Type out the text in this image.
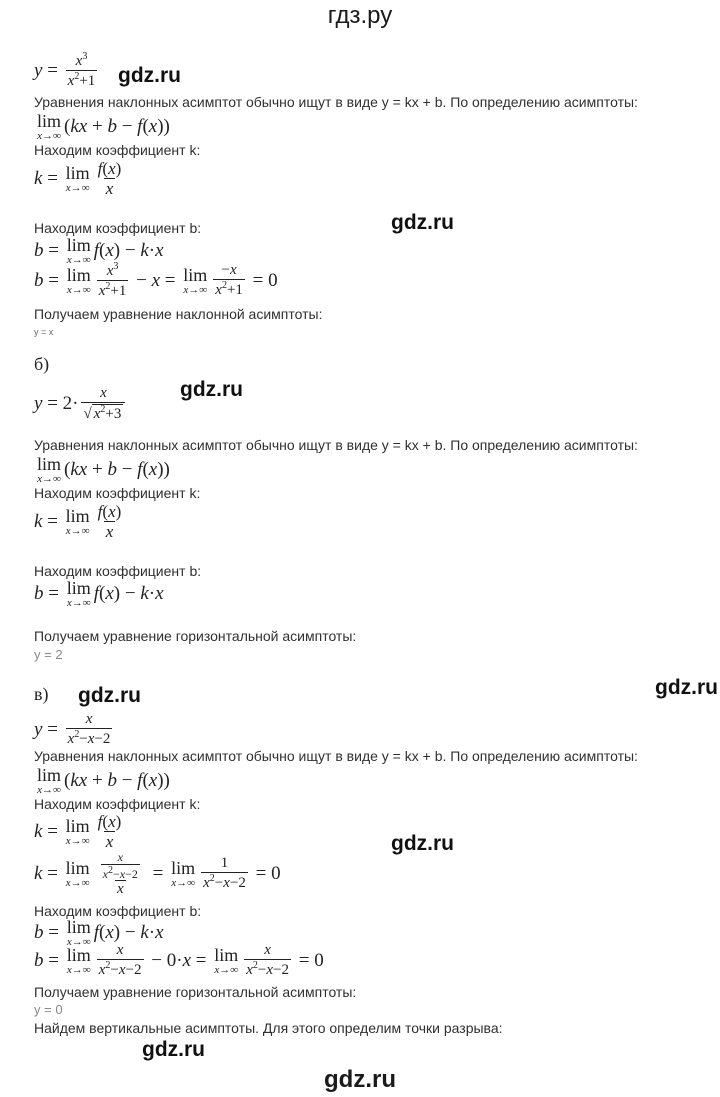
гдз.ру
$y = \frac{x^3}{x^2+1} gdz.ru$
Уравнения наклонных асимптот обычно ищут в виде y = kx + b. По определению асимптоты:
lim
x→∞ ( kx + b − f ( x ))
Находим коэффициент k:
k = lim
$x\to\infty \frac{f(x)}{x}$
Находим коэффициент b:	gdz.ru
b = lim
x→∞ f ( x ) − k · x
b = lim
$x\to\infty \frac{x^3}{x^2+1} - x = \lim$
$x\to\infty \frac{-x}{x^2+1} = 0$
Получаем уравнение наклонной асимптоты:
y = x
б)
$y = 2\cdot \frac{x}{√ x^2+3}$	gdz.ru
Уравнения наклонных асимптот обычно ищут в виде y = kx + b. По определению асимптоты:
lim
x→∞ ( kx + b − f ( x ))
Находим коэффициент k:
k = lim
$x\to\infty \frac{f(x)}{x}$
Находим коэффициент b:
b = lim
x→∞ f ( x ) − k · x
Получаем уравнение горизонтальной асимптоты:
y = 2
в) gdz.ru	gdz.ru
$y = \frac{x}{x^2-x-2}$
Уравнения наклонных асимптот обычно ищут в виде y = kx + b. По определению асимптоты:
lim
x→∞ ( kx + b − f ( x ))
Находим коэффициент k:
k = lim
$x\to\infty \frac{f(x)}{x}$	gdz.ru
k = lim
$x\to\infty \frac{\frac{x}{x^2-x-2}}{x} = \lim$
$x\to\infty \frac{1}{x^2-x-2} = 0$
Находим коэффициент b:
b = lim
x→∞ f ( x ) − k · x
b = lim
$x\to\infty \frac{x}{x^2-x-2} - 0\cdot x = \lim$
$x\to\infty \frac{x}{x^2-x-2} = 0$
Получаем уравнение горизонтальной асимптоты:
y = 0
Найдем вертикальные асимптоты. Для этого определим точки разрыва:
gdz.ru
gdz.ru
